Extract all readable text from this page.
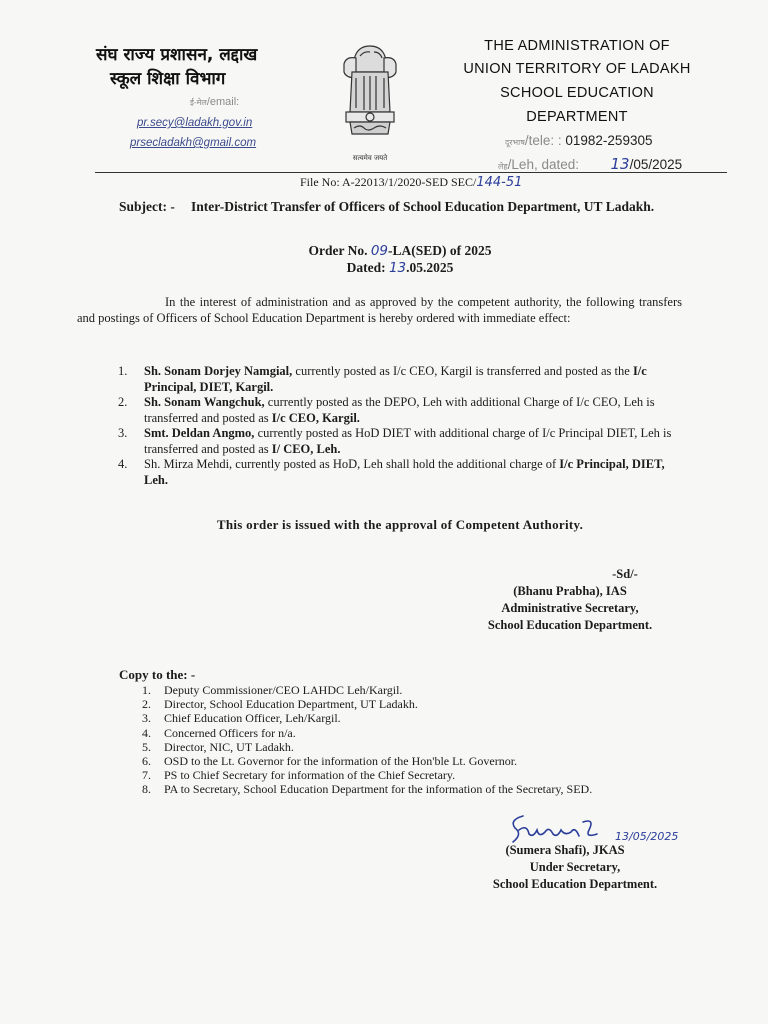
संघ राज्य प्रशासन, लद्दाख
स्कूल शिक्षा विभाग
ई-मेल/email:
pr.secy@ladakh.gov.in
prsecladakh@gmail.com
सत्यमेव जयते
THE ADMINISTRATION OF
UNION TERRITORY OF LADAKH
SCHOOL EDUCATION
DEPARTMENT
दूरभाष/tele: : 01982-259305
लेह/Leh, dated: 13/05/2025
File No: A-22013/1/2020-SED SEC/144-51
Subject: - Inter-District Transfer of Officers of School Education Department, UT Ladakh.
Order No. 09-LA(SED) of 2025
Dated: 13.05.2025

In the interest of administration and as approved by the competent authority, the following transfers and postings of Officers of School Education Department is hereby ordered with immediate effect:

1. Sh. Sonam Dorjey Namgial, currently posted as I/c CEO, Kargil is transferred and posted as the I/c Principal, DIET, Kargil.
2. Sh. Sonam Wangchuk, currently posted as the DEPO, Leh with additional Charge of I/c CEO, Leh is transferred and posted as I/c CEO, Kargil.
3. Smt. Deldan Angmo, currently posted as HoD DIET with additional charge of I/c Principal DIET, Leh is transferred and posted as I/ CEO, Leh.
4. Sh. Mirza Mehdi, currently posted as HoD, Leh shall hold the additional charge of I/c Principal, DIET, Leh.
This order is issued with the approval of Competent Authority.
-Sd/-
(Bhanu Prabha), IAS
Administrative Secretary,
School Education Department.
Copy to the: -
1. Deputy Commissioner/CEO LAHDC Leh/Kargil.
2. Director, School Education Department, UT Ladakh.
3. Chief Education Officer, Leh/Kargil.
4. Concerned Officers for n/a.
5. Director, NIC, UT Ladakh.
6. OSD to the Lt. Governor for the information of the Hon'ble Lt. Governor.
7. PS to Chief Secretary for information of the Chief Secretary.
8. PA to Secretary, School Education Department for the information of the Secretary, SED.
13/05/2025
(Sumera Shafi), JKAS
Under Secretary,
School Education Department.
